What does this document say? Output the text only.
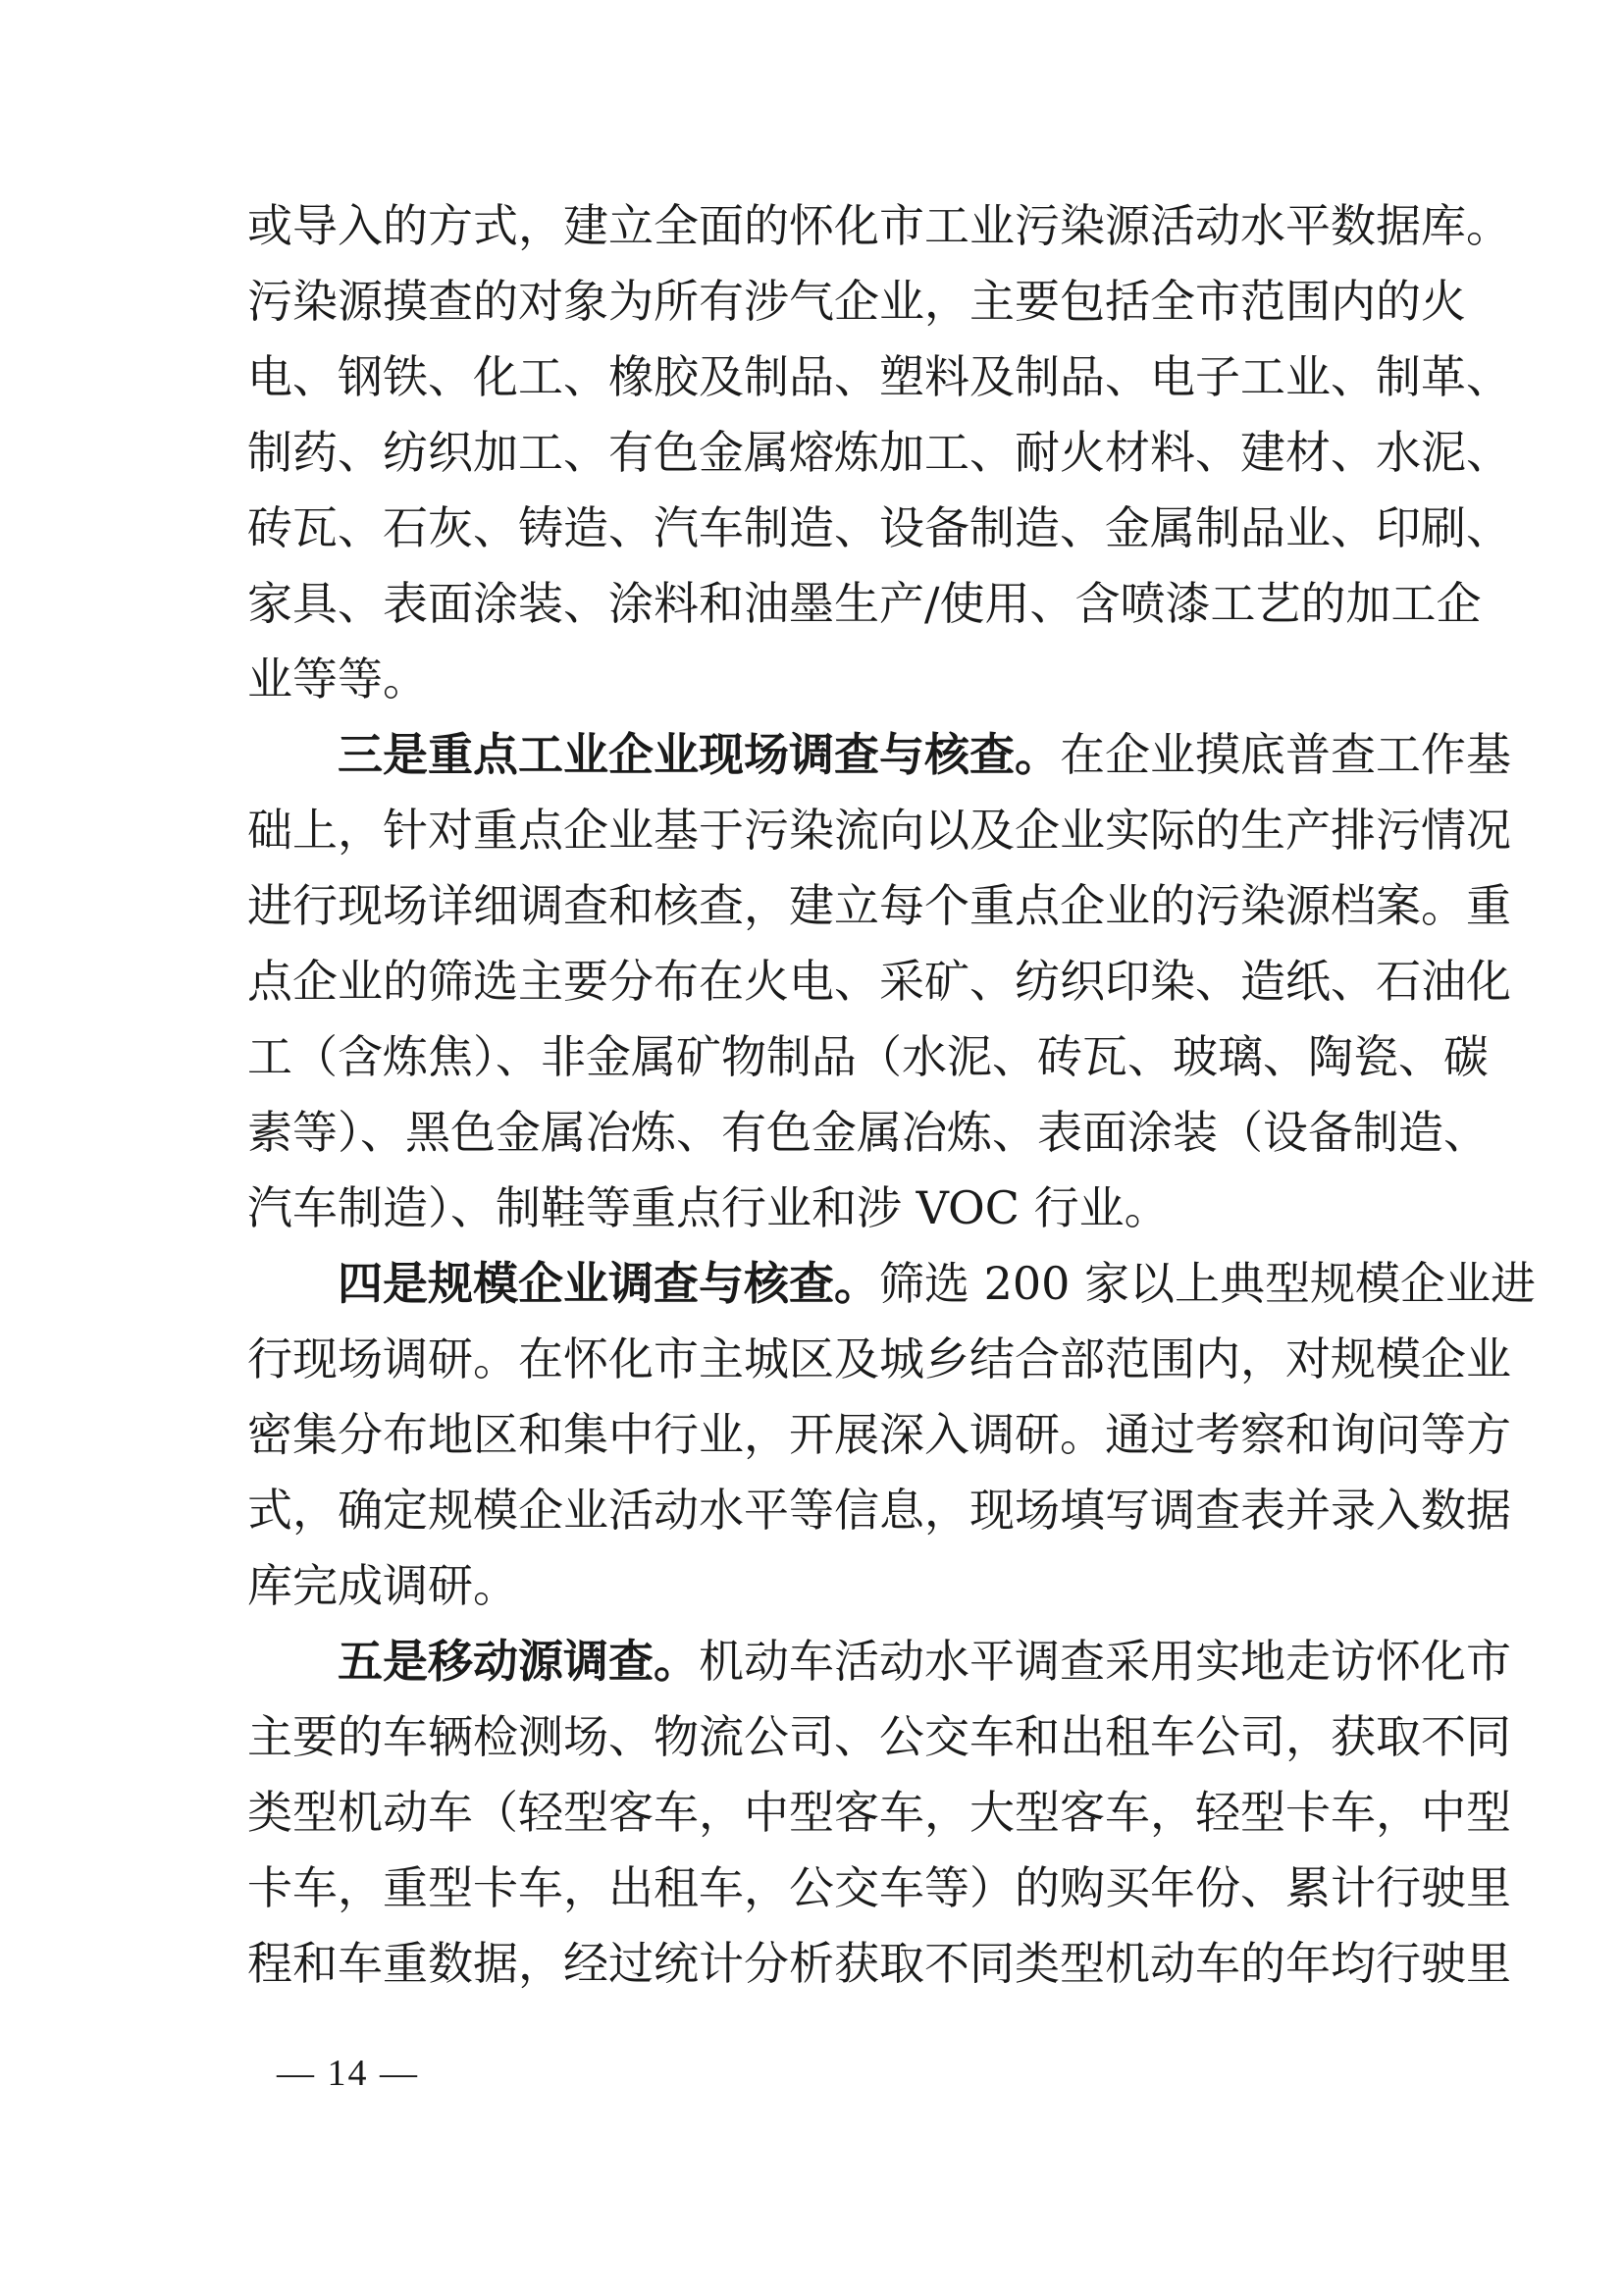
或导入的方式，建立全面的怀化市工业污染源活动水平数据库。
污染源摸查的对象为所有涉气企业，主要包括全市范围内的火
电、钢铁、化工、橡胶及制品、塑料及制品、电子工业、制革、
制药、纺织加工、有色金属熔炼加工、耐火材料、建材、水泥、
砖瓦、石灰、铸造、汽车制造、设备制造、金属制品业、印刷、
家具、表面涂装、涂料和油墨生产/使用、含喷漆工艺的加工企
业等等。
三是重点工业企业现场调查与核查。在企业摸底普查工作基
础上，针对重点企业基于污染流向以及企业实际的生产排污情况
进行现场详细调查和核查，建立每个重点企业的污染源档案。重
点企业的筛选主要分布在火电、采矿、纺织印染、造纸、石油化
工（含炼焦）、非金属矿物制品（水泥、砖瓦、玻璃、陶瓷、碳
素等）、黑色金属冶炼、有色金属冶炼、表面涂装（设备制造、
汽车制造）、制鞋等重点行业和涉 VOC 行业。
四是规模企业调查与核查。筛选 200 家以上典型规模企业进
行现场调研。在怀化市主城区及城乡结合部范围内，对规模企业
密集分布地区和集中行业，开展深入调研。通过考察和询问等方
式，确定规模企业活动水平等信息，现场填写调查表并录入数据
库完成调研。
五是移动源调查。机动车活动水平调查采用实地走访怀化市
主要的车辆检测场、物流公司、公交车和出租车公司，获取不同
类型机动车（轻型客车，中型客车，大型客车，轻型卡车，中型
卡车，重型卡车，出租车，公交车等）的购买年份、累计行驶里
程和车重数据，经过统计分析获取不同类型机动车的年均行驶里
— 14 —
